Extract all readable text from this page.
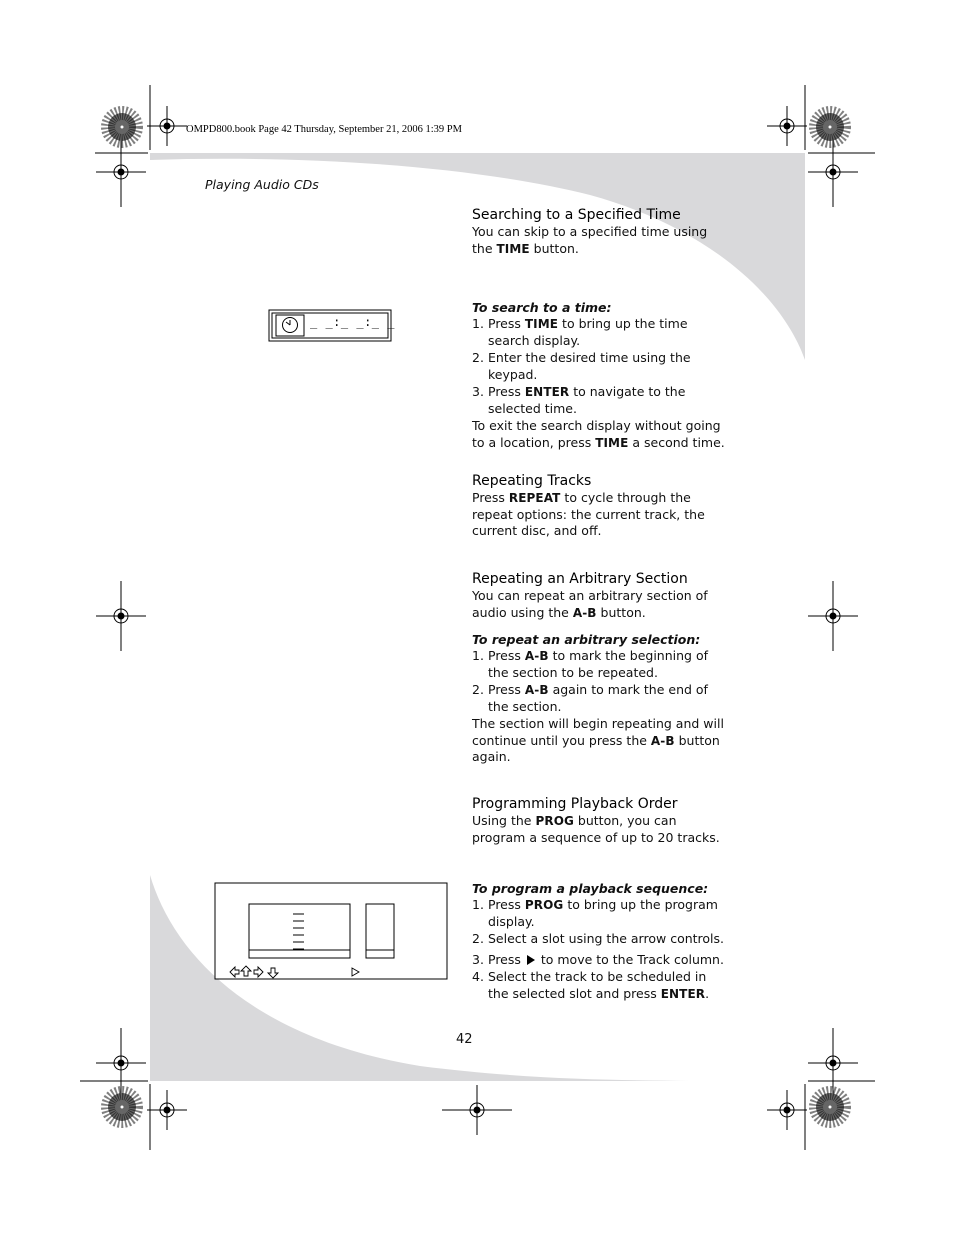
OMPD800.book Page 42 Thursday, September 21, 2006 1:39 PM
Playing Audio CDs
_ _:_ _:_ _
Searching to a Specified Time

You can skip to a specified time using the TIME button.

To search to a time:
1. Press TIME to bring up the time search display.
2. Enter the desired time using the keypad.
3. Press ENTER to navigate to the selected time.

To exit the search display without going to a location, press TIME a second time.

Repeating Tracks

Press REPEAT to cycle through the repeat options: the current track, the current disc, and off.

Repeating an Arbitrary Section

You can repeat an arbitrary section of audio using the A-B button.

To repeat an arbitrary selection:
1. Press A-B to mark the beginning of the section to be repeated.
2. Press A-B again to mark the end of the section.

The section will begin repeating and will continue until you press the A-B button again.

Programming Playback Order

Using the PROG button, you can program a sequence of up to 20 tracks.

To program a playback sequence:
1. Press PROG to bring up the program display.
2. Select a slot using the arrow controls.
3. Press  to move to the Track column.
4. Select the track to be scheduled in the selected slot and press ENTER.
42
